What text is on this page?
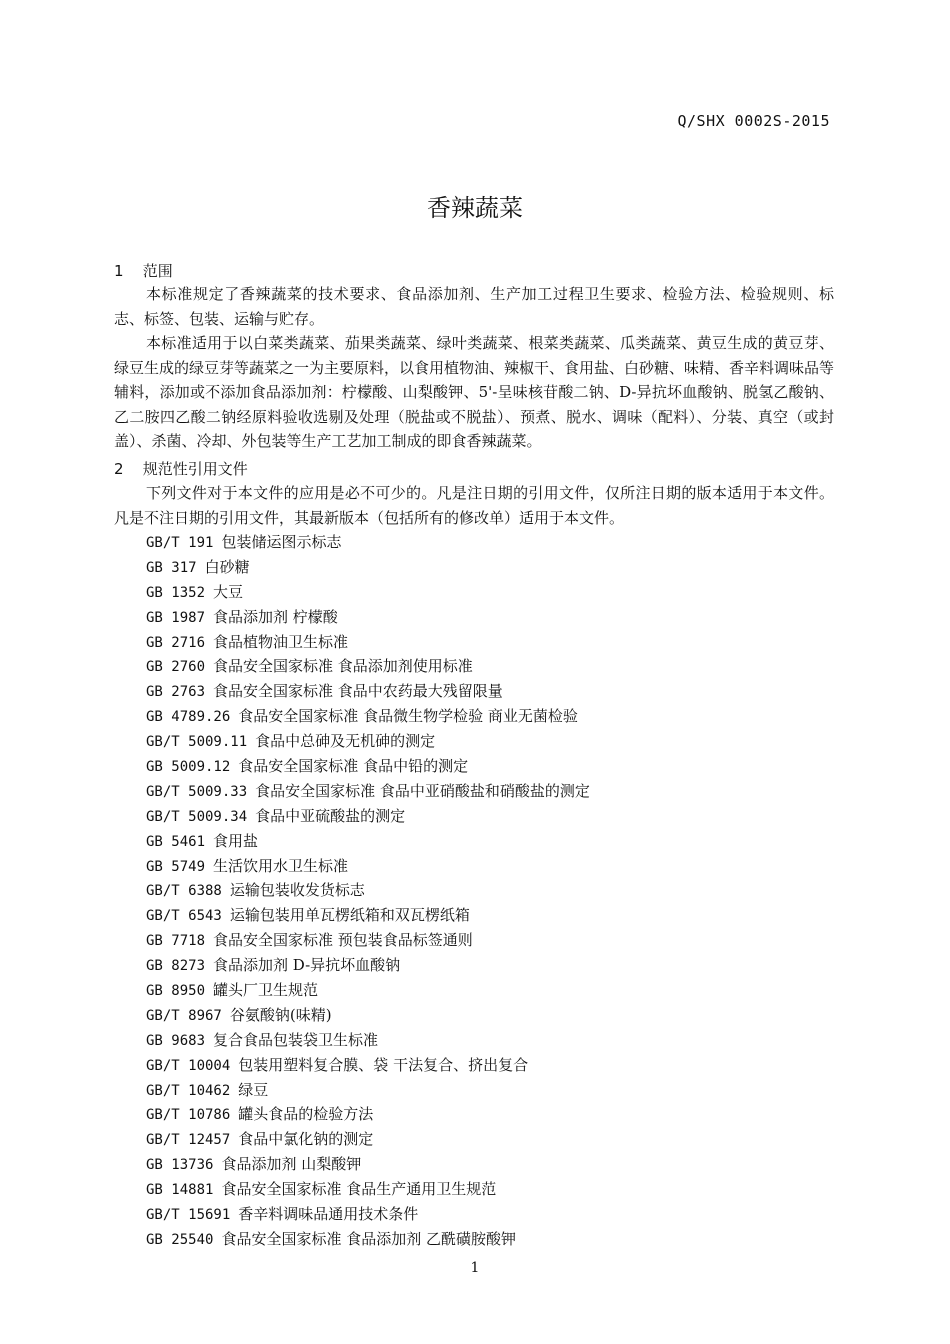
Q/SHX 0002S-2015
香辣蔬菜
1 范围
本标准规定了香辣蔬菜的技术要求、食品添加剂、生产加工过程卫生要求、检验方法、检验规则、标志、标签、包装、运输与贮存。
本标准适用于以白菜类蔬菜、茄果类蔬菜、绿叶类蔬菜、根菜类蔬菜、瓜类蔬菜、黄豆生成的黄豆芽、绿豆生成的绿豆芽等蔬菜之一为主要原料，以食用植物油、辣椒干、食用盐、白砂糖、味精、香辛料调味品等辅料，添加或不添加食品添加剂：柠檬酸、山梨酸钾、5'-呈味核苷酸二钠、D-异抗坏血酸钠、脱氢乙酸钠、乙二胺四乙酸二钠经原料验收选剔及处理（脱盐或不脱盐）、预煮、脱水、调味（配料）、分装、真空（或封盖）、杀菌、冷却、外包装等生产工艺加工制成的即食香辣蔬菜。
2 规范性引用文件
下列文件对于本文件的应用是必不可少的。凡是注日期的引用文件，仅所注日期的版本适用于本文件。凡是不注日期的引用文件，其最新版本（包括所有的修改单）适用于本文件。
GB/T 191 包装储运图示标志
GB 317 白砂糖
GB 1352 大豆
GB 1987 食品添加剂 柠檬酸
GB 2716 食品植物油卫生标准
GB 2760 食品安全国家标准 食品添加剂使用标准
GB 2763 食品安全国家标准 食品中农药最大残留限量
GB 4789.26 食品安全国家标准 食品微生物学检验 商业无菌检验
GB/T 5009.11 食品中总砷及无机砷的测定
GB 5009.12 食品安全国家标准 食品中铅的测定
GB/T 5009.33 食品安全国家标准 食品中亚硝酸盐和硝酸盐的测定
GB/T 5009.34 食品中亚硫酸盐的测定
GB 5461 食用盐
GB 5749 生活饮用水卫生标准
GB/T 6388 运输包装收发货标志
GB/T 6543 运输包装用单瓦楞纸箱和双瓦楞纸箱
GB 7718 食品安全国家标准 预包装食品标签通则
GB 8273 食品添加剂 D-异抗坏血酸钠
GB 8950 罐头厂卫生规范
GB/T 8967 谷氨酸钠(味精)
GB 9683 复合食品包装袋卫生标准
GB/T 10004 包装用塑料复合膜、袋 干法复合、挤出复合
GB/T 10462 绿豆
GB/T 10786 罐头食品的检验方法
GB/T 12457 食品中氯化钠的测定
GB 13736 食品添加剂 山梨酸钾
GB 14881 食品安全国家标准 食品生产通用卫生规范
GB/T 15691 香辛料调味品通用技术条件
GB 25540 食品安全国家标准 食品添加剂 乙酰磺胺酸钾
1
